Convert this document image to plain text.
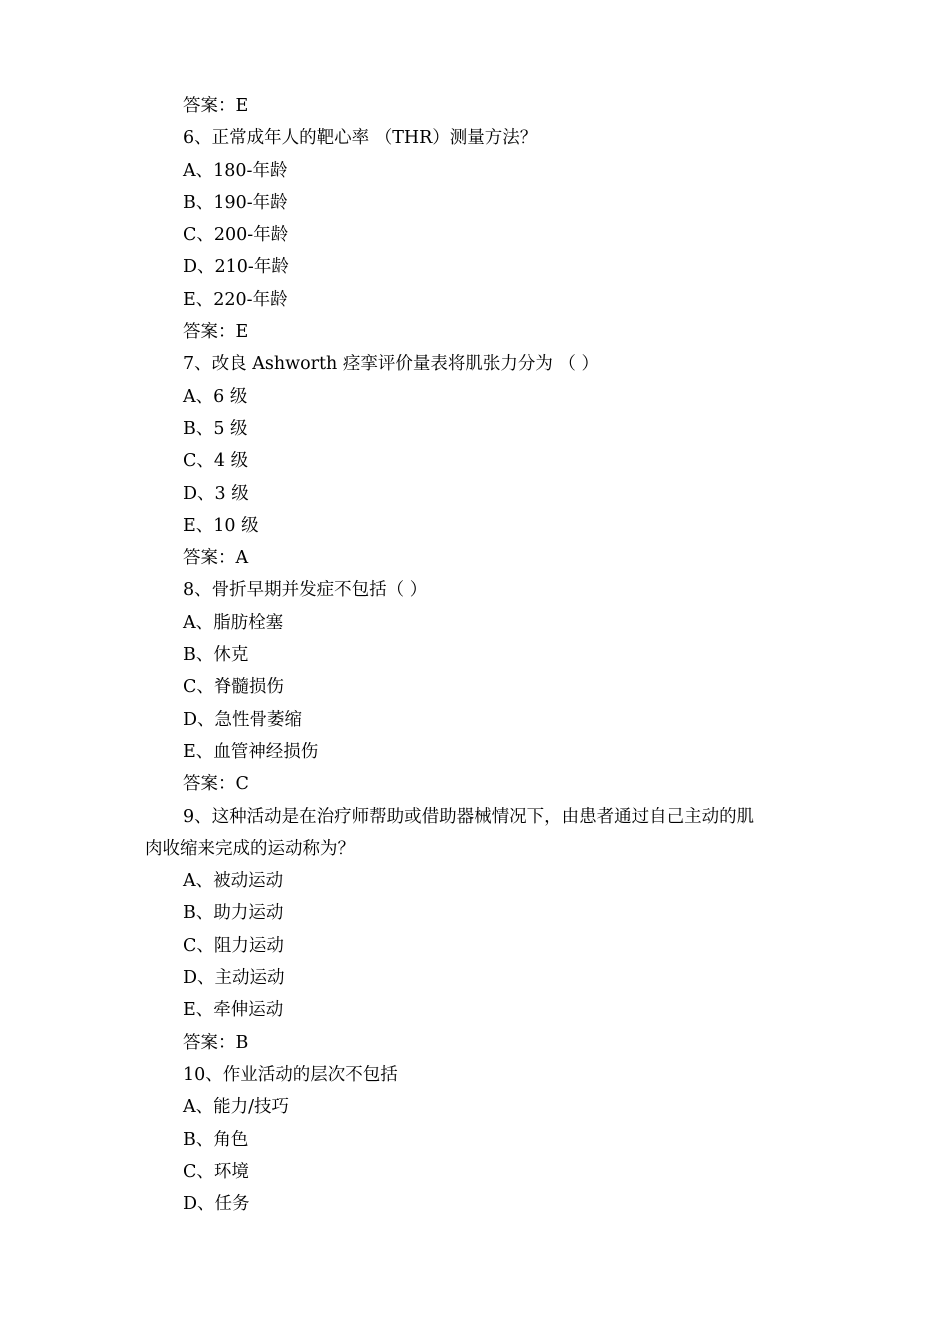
答案：E
6、正常成年人的靶心率 （THR）测量方法？
A、180-年龄
B、190-年龄
C、200-年龄
D、210-年龄
E、220-年龄
答案：E
7、改良 Ashworth 痉挛评价量表将肌张力分为 （ ）
A、6 级
B、5 级
C、4 级
D、3 级
E、10 级
答案：A
8、骨折早期并发症不包括（ ）
A、脂肪栓塞
B、休克
C、脊髓损伤
D、急性骨萎缩
E、血管神经损伤
答案：C
9、这种活动是在治疗师帮助或借助器械情况下，由患者通过自己主动的肌
肉收缩来完成的运动称为？
A、被动运动
B、助力运动
C、阻力运动
D、主动运动
E、牵伸运动
答案：B
10、作业活动的层次不包括
A、能力/技巧
B、角色
C、环境
D、任务
